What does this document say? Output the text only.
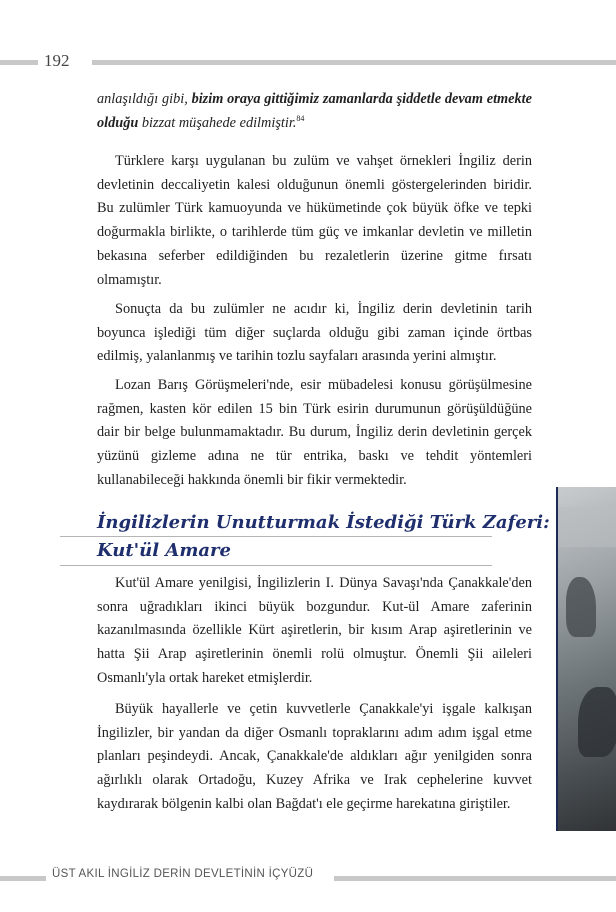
192
anlaşıldığı gibi, bizim oraya gittiğimiz zamanlarda şiddetle devam etmekte olduğu bizzat müşahede edilmiştir.$^{84}$
Türklere karşı uygulanan bu zulüm ve vahşet örnekleri İngiliz derin devletinin deccaliyetin kalesi olduğunun önemli göstergelerinden biridir. Bu zulümler Türk kamuoyunda ve hükümetinde çok büyük öfke ve tepki doğurmakla birlikte, o tarihlerde tüm güç ve imkanlar devletin ve milletin bekasına seferber edildiğinden bu rezaletlerin üzerine gitme fırsatı olmamıştır.
Sonuçta da bu zulümler ne acıdır ki, İngiliz derin devletinin tarih boyunca işlediği tüm diğer suçlarda olduğu gibi zaman içinde örtbas edilmiş, yalanlanmış ve tarihin tozlu sayfaları arasında yerini almıştır.
Lozan Barış Görüşmeleri'nde, esir mübadelesi konusu görüşülmesine rağmen, kasten kör edilen 15 bin Türk esirin durumunun görüşüldüğüne dair bir belge bulunmamaktadır. Bu durum, İngiliz derin devletinin gerçek yüzünü gizleme adına ne tür entrika, baskı ve tehdit yöntemleri kullanabileceği hakkında önemli bir fikir vermektedir.
İngilizlerin Unutturmak İstediği Türk Zaferi:
Kut'ül Amare
Kut'ül Amare yenilgisi, İngilizlerin I. Dünya Savaşı'nda Çanakkale'den sonra uğradıkları ikinci büyük bozgundur. Kut-ül Amare zaferinin kazanılmasında özellikle Kürt aşiretlerin, bir kısım Arap aşiretlerinin ve hatta Şii Arap aşiretlerinin önemli rolü olmuştur. Önemli Şii aileleri Osmanlı'yla ortak hareket etmişlerdir.
Büyük hayallerle ve çetin kuvvetlerle Çanakkale'yi işgale kalkışan İngilizler, bir yandan da diğer Osmanlı topraklarını adım adım işgal etme planları peşindeydi. Ancak, Çanakkale'de aldıkları ağır yenilgiden sonra ağırlıklı olarak Ortadoğu, Kuzey Afrika ve Irak cephelerine kuvvet kaydırarak bölgenin kalbi olan Bağdat'ı ele geçirme harekatına giriştiler.
ÜST AKIL İNGİLİZ DERİN DEVLETİNİN İÇYÜZÜ
